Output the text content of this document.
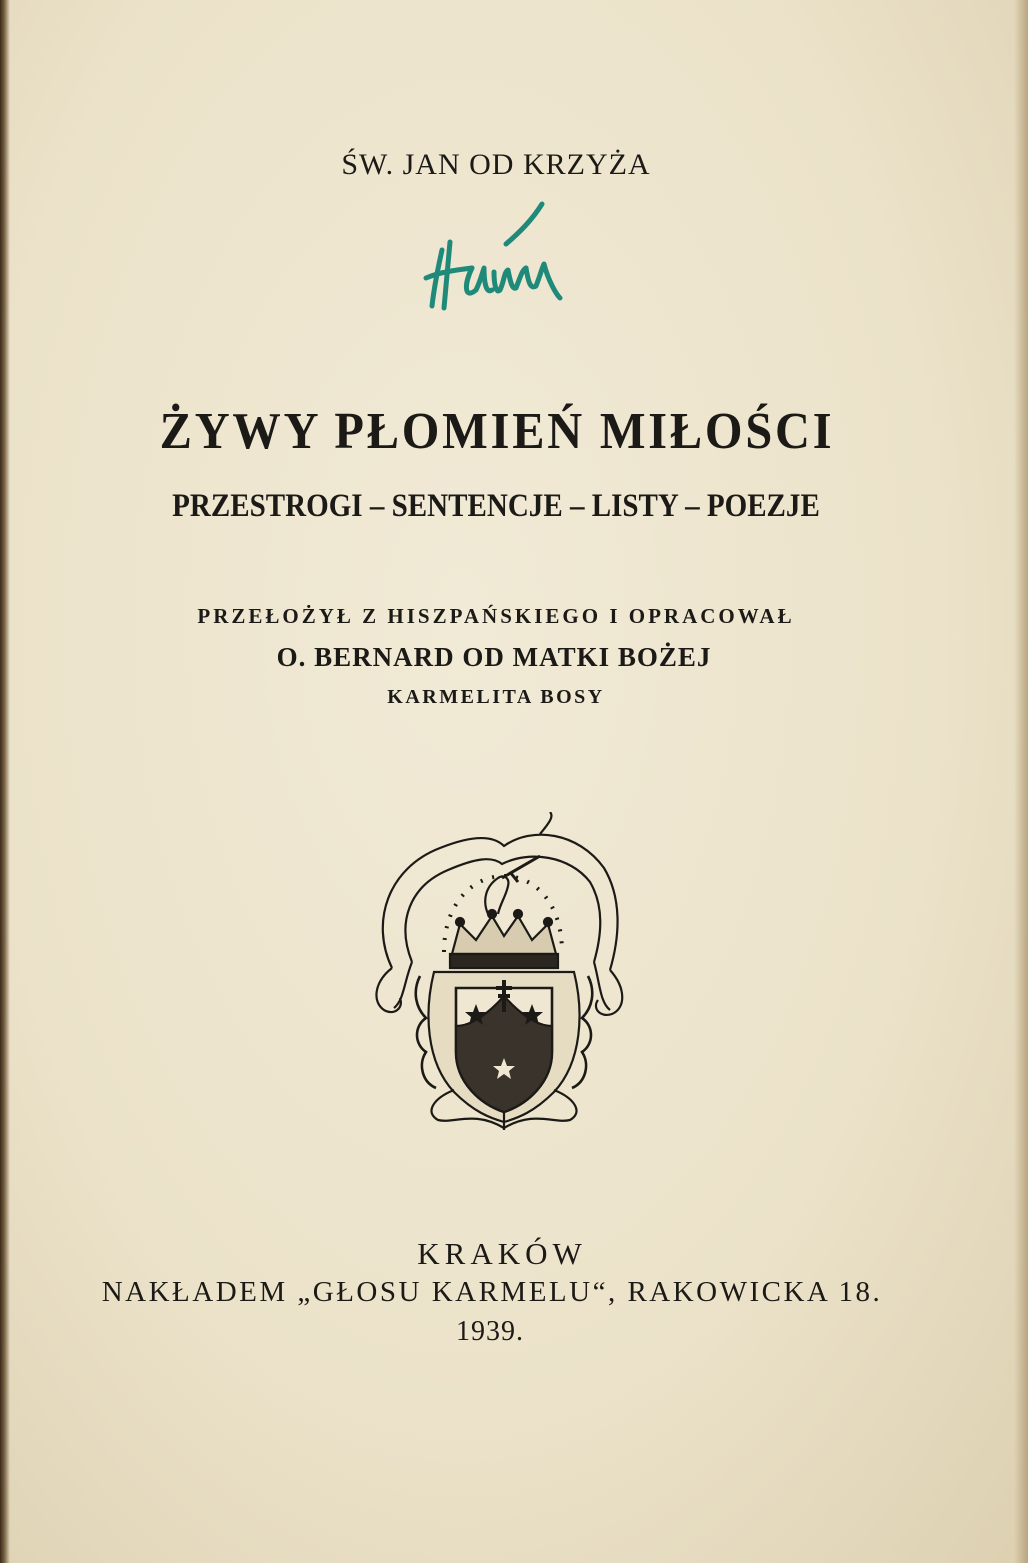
ŚW. JAN OD KRZYŻA
ŻYWY PŁOMIEŃ MIŁOŚCI
PRZESTROGI – SENTENCJE – LISTY – POEZJE
PRZEŁOŻYŁ Z HISZPAŃSKIEGO I OPRACOWAŁ
O. BERNARD OD MATKI BOŻEJ
KARMELITA BOSY
KRAKÓW
NAKŁADEM „GŁOSU KARMELU“, RAKOWICKA 18.
1939.
